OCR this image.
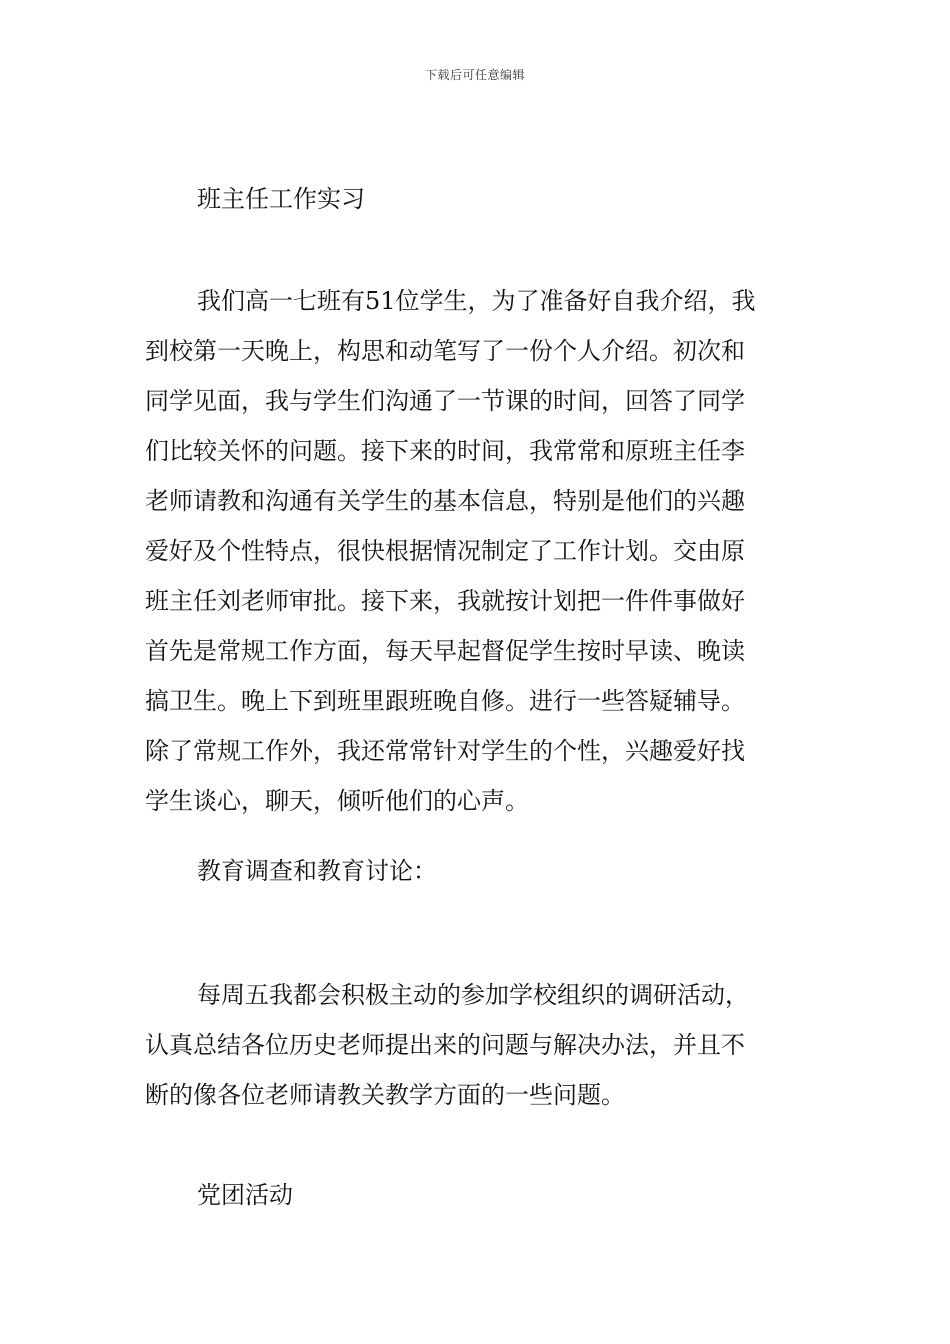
下载后可任意编辑
班主任工作实习
我们高一七班有51位学生，为了准备好自我介绍，我
到校第一天晚上，构思和动笔写了一份个人介绍。初次和
同学见面，我与学生们沟通了一节课的时间，回答了同学
们比较关怀的问题。接下来的时间，我常常和原班主任李
老师请教和沟通有关学生的基本信息，特别是他们的兴趣
爱好及个性特点，很快根据情况制定了工作计划。交由原
班主任刘老师审批。接下来，我就按计划把一件件事做好
首先是常规工作方面，每天早起督促学生按时早读、晚读
搞卫生。晚上下到班里跟班晚自修。进行一些答疑辅导。
除了常规工作外，我还常常针对学生的个性，兴趣爱好找
学生谈心，聊天，倾听他们的心声。
教育调查和教育讨论：
每周五我都会积极主动的参加学校组织的调研活动，
认真总结各位历史老师提出来的问题与解决办法，并且不
断的像各位老师请教关教学方面的一些问题。
党团活动
